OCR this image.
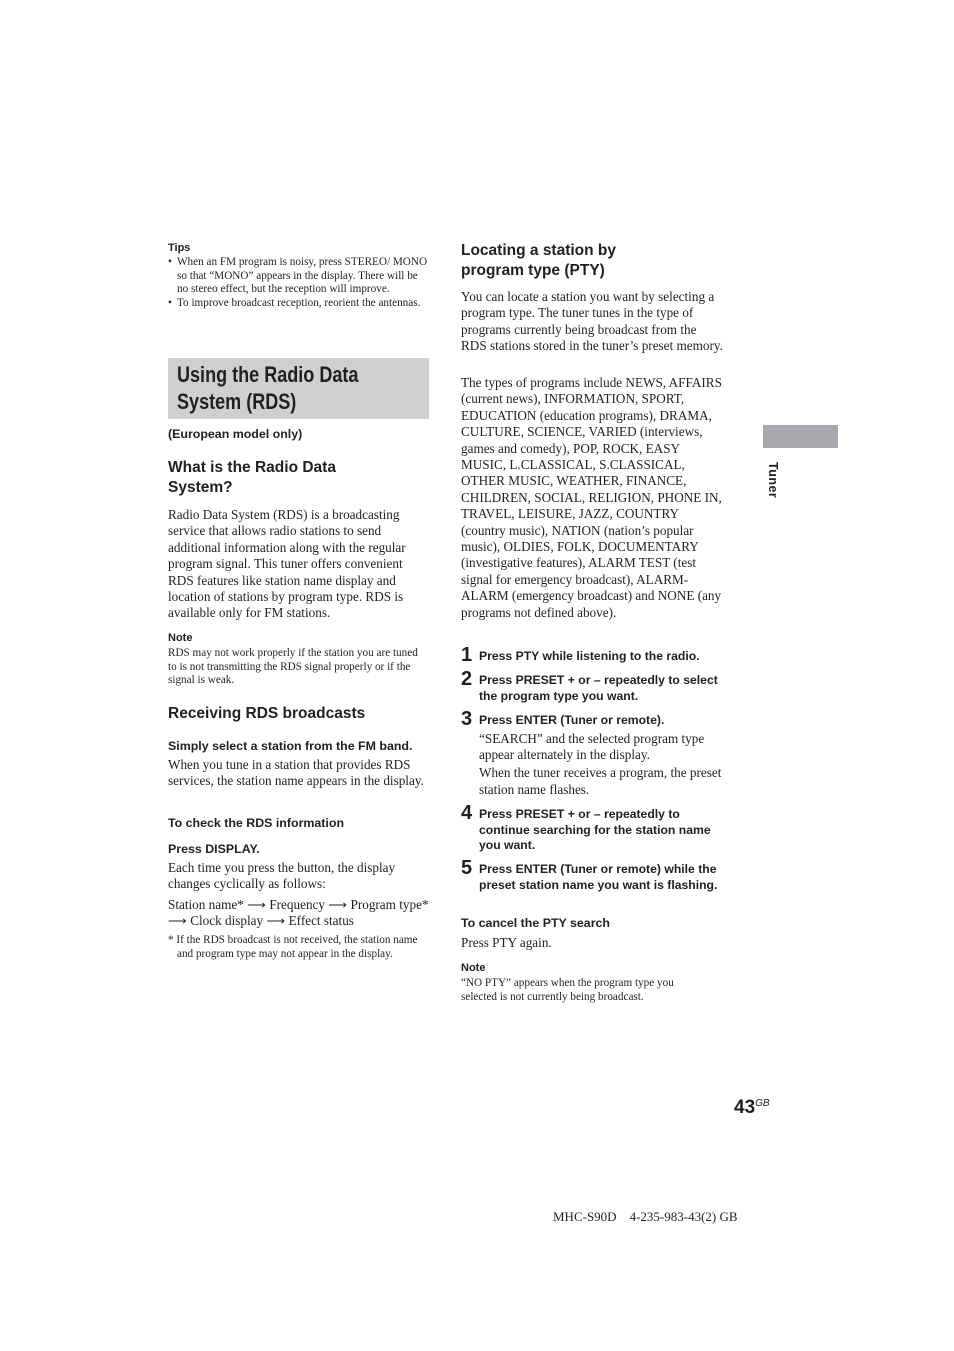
Tips
• When an FM program is noisy, press STEREO/ MONO so that “MONO” appears in the display. There will be no stereo effect, but the reception will improve.
• To improve broadcast reception, reorient the antennas.
Using the Radio Data
System (RDS)
(European model only)
What is the Radio Data System?
Radio Data System (RDS) is a broadcasting service that allows radio stations to send additional information along with the regular program signal. This tuner offers convenient RDS features like station name display and location of stations by program type. RDS is available only for FM stations.
Note
RDS may not work properly if the station you are tuned to is not transmitting the RDS signal properly or if the signal is weak.
Receiving RDS broadcasts
Simply select a station from the FM band.
When you tune in a station that provides RDS services, the station name appears in the display.
To check the RDS information
Press DISPLAY.
Each time you press the button, the display changes cyclically as follows:
Station name* ⟶ Frequency ⟶ Program type* ⟶ Clock display ⟶ Effect status
* If the RDS broadcast is not received, the station name and program type may not appear in the display.
Locating a station by program type (PTY)
You can locate a station you want by selecting a program type. The tuner tunes in the type of programs currently being broadcast from the RDS stations stored in the tuner’s preset memory.
The types of programs include NEWS, AFFAIRS (current news), INFORMATION, SPORT, EDUCATION (education programs), DRAMA, CULTURE, SCIENCE, VARIED (interviews, games and comedy), POP, ROCK, EASY MUSIC, L.CLASSICAL, S.CLASSICAL, OTHER MUSIC, WEATHER, FINANCE, CHILDREN, SOCIAL, RELIGION, PHONE IN, TRAVEL, LEISURE, JAZZ, COUNTRY (country music), NATION (nation’s popular music), OLDIES, FOLK, DOCUMENTARY (investigative features), ALARM TEST (test signal for emergency broadcast), ALARM-ALARM (emergency broadcast) and NONE (any programs not defined above).
1 Press PTY while listening to the radio.
2 Press PRESET + or – repeatedly to select the program type you want.
3 Press ENTER (Tuner or remote).
“SEARCH” and the selected program type appear alternately in the display.
When the tuner receives a program, the preset station name flashes.
4 Press PRESET + or – repeatedly to continue searching for the station name you want.
5 Press ENTER (Tuner or remote) while the preset station name you want is flashing.
To cancel the PTY search
Press PTY again.
Note
“NO PTY” appears when the program type you selected is not currently being broadcast.
Tuner
$43^{GB}$
MHC-S90D 4-235-983-43(2) GB
